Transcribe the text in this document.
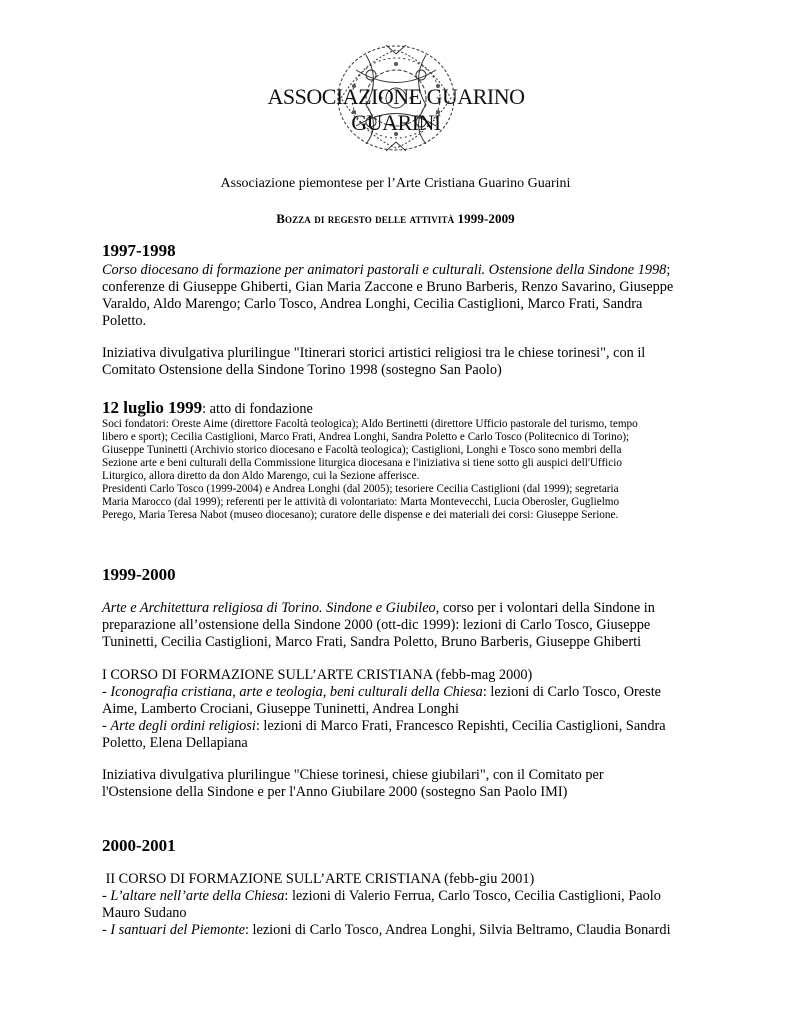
ASSOCIAZIONE GUARINO GUARINI
Associazione piemontese per l’Arte Cristiana Guarino Guarini
Bozza di regesto delle attività 1999-2009
1997-1998
Corso diocesano di formazione per animatori pastorali e culturali. Ostensione della Sindone 1998;
conferenze di Giuseppe Ghiberti, Gian Maria Zaccone e Bruno Barberis, Renzo Savarino, Giuseppe
Varaldo, Aldo Marengo; Carlo Tosco, Andrea Longhi, Cecilia Castiglioni, Marco Frati, Sandra
Poletto.
Iniziativa divulgativa plurilingue "Itinerari storici artistici religiosi tra le chiese torinesi", con il
Comitato Ostensione della Sindone Torino 1998 (sostegno San Paolo)
12 luglio 1999: atto di fondazione
Soci fondatori: Oreste Aime (direttore Facoltà teologica); Aldo Bertinetti (direttore Ufficio pastorale del turismo, tempo
libero e sport); Cecilia Castiglioni, Marco Frati, Andrea Longhi, Sandra Poletto e Carlo Tosco (Politecnico di Torino);
Giuseppe Tuninetti (Archivio storico diocesano e Facoltà teologica); Castiglioni, Longhi e Tosco sono membri della
Sezione arte e beni culturali della Commissione liturgica diocesana e l'iniziativa si tiene sotto gli auspici dell'Ufficio
Liturgico, allora diretto da don Aldo Marengo, cui la Sezione afferisce.
Presidenti Carlo Tosco (1999-2004) e Andrea Longhi (dal 2005); tesoriere Cecilia Castiglioni (dal 1999); segretaria
Maria Marocco (dal 1999); referenti per le attività di volontariato: Marta Montevecchi, Lucia Oberosler, Guglielmo
Perego, Maria Teresa Nabot (museo diocesano); curatore delle dispense e dei materiali dei corsi: Giuseppe Serione.
1999-2000
Arte e Architettura religiosa di Torino. Sindone e Giubileo, corso per i volontari della Sindone in
preparazione all’ostensione della Sindone 2000 (ott-dic 1999): lezioni di Carlo Tosco, Giuseppe
Tuninetti, Cecilia Castiglioni, Marco Frati, Sandra Poletto, Bruno Barberis, Giuseppe Ghiberti
I CORSO DI FORMAZIONE SULL’ARTE CRISTIANA (febb-mag 2000)
- Iconografia cristiana, arte e teologia, beni culturali della Chiesa: lezioni di Carlo Tosco, Oreste
Aime, Lamberto Crociani, Giuseppe Tuninetti, Andrea Longhi
- Arte degli ordini religiosi: lezioni di Marco Frati, Francesco Repishti, Cecilia Castiglioni, Sandra
Poletto, Elena Dellapiana
Iniziativa divulgativa plurilingue "Chiese torinesi, chiese giubilari", con il Comitato per
l'Ostensione della Sindone e per l'Anno Giubilare 2000 (sostegno San Paolo IMI)
2000-2001
II CORSO DI FORMAZIONE SULL’ARTE CRISTIANA (febb-giu 2001)
- L’altare nell’arte della Chiesa: lezioni di Valerio Ferrua, Carlo Tosco, Cecilia Castiglioni, Paolo
Mauro Sudano
- I santuari del Piemonte: lezioni di Carlo Tosco, Andrea Longhi, Silvia Beltramo, Claudia Bonardi
